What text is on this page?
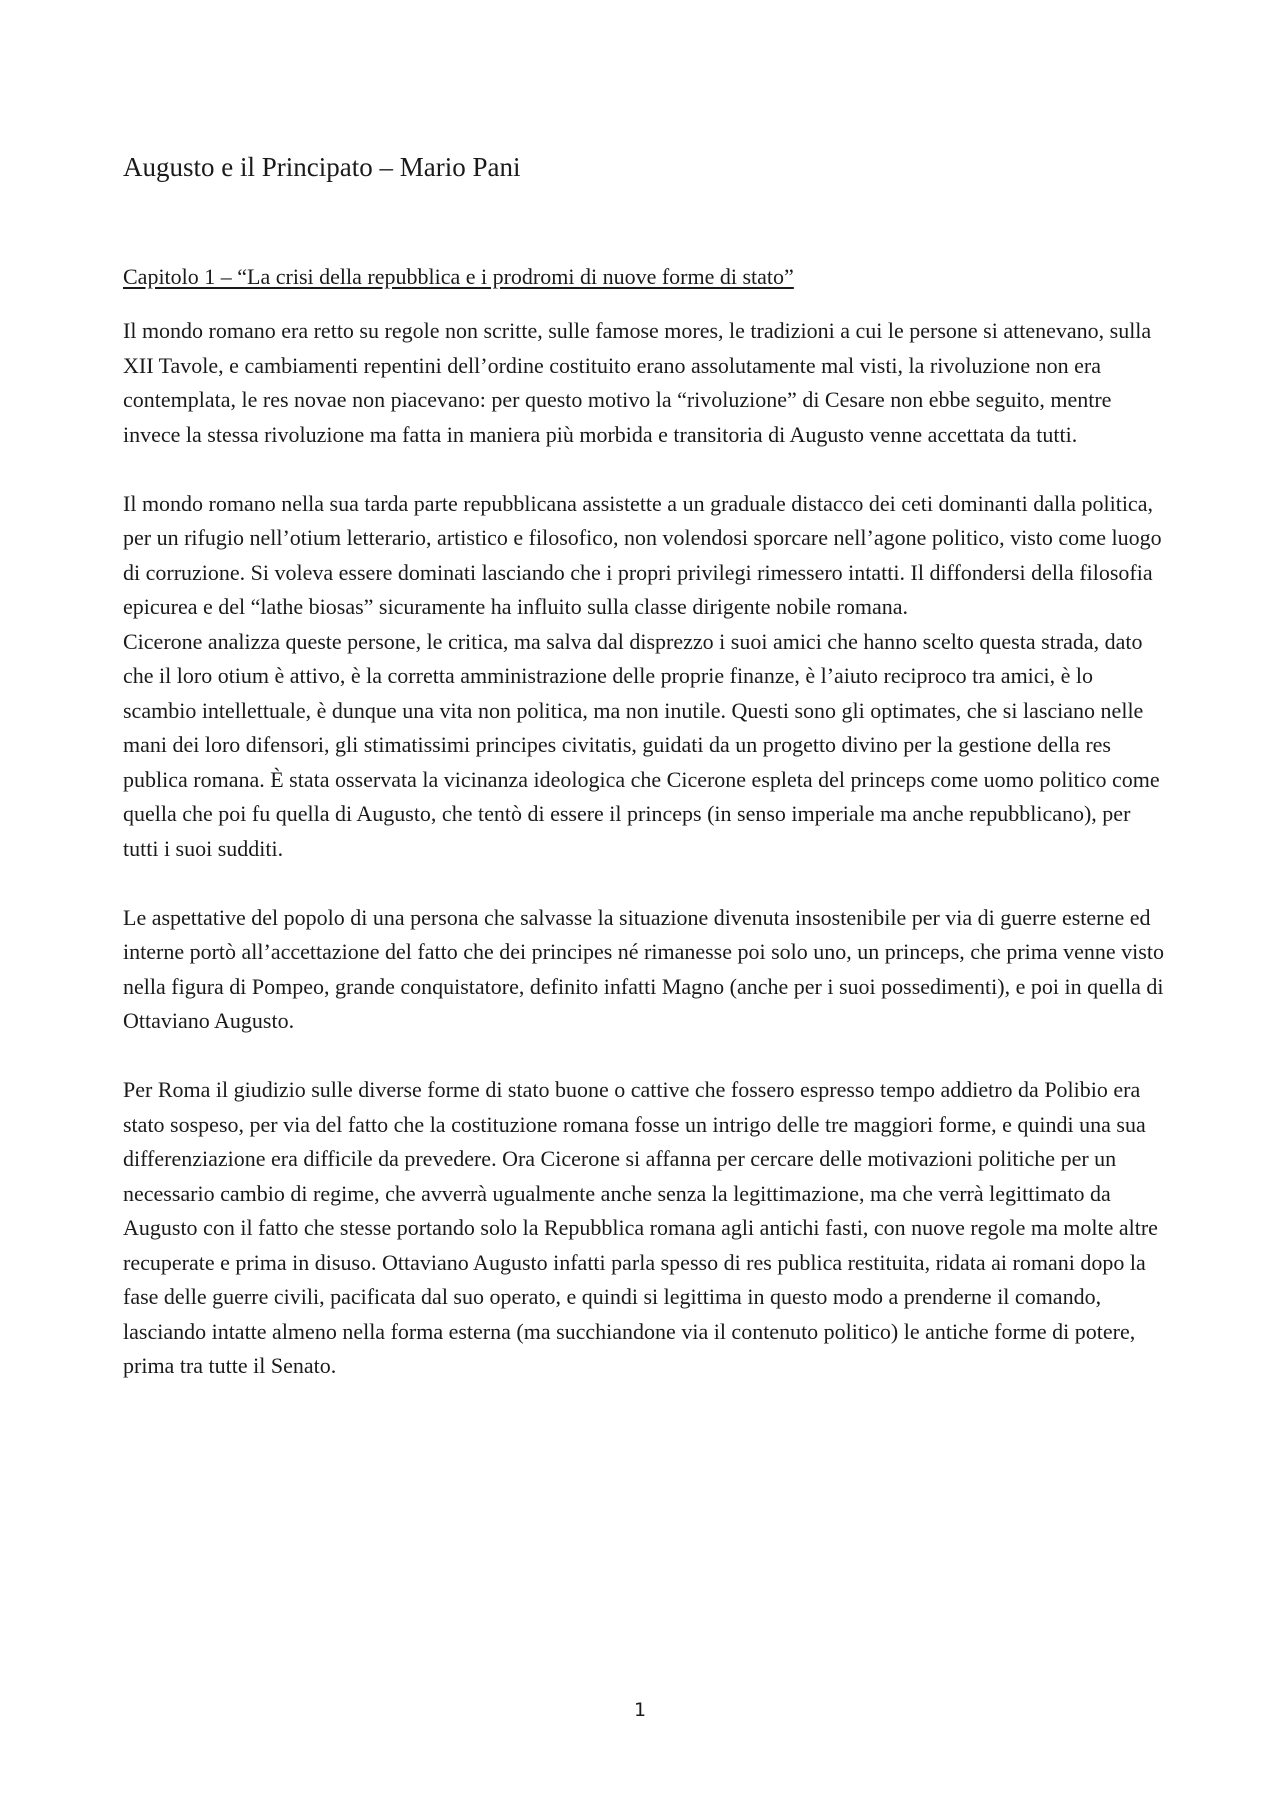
Augusto e il Principato – Mario Pani
Capitolo 1 – “La crisi della repubblica e i prodromi di nuove forme di stato”

Il mondo romano era retto su regole non scritte, sulle famose mores, le tradizioni a cui le persone si attenevano, sulla XII Tavole, e cambiamenti repentini dell’ordine costituito erano assolutamente mal visti, la rivoluzione non era contemplata, le res novae non piacevano: per questo motivo la “rivoluzione” di Cesare non ebbe seguito, mentre invece la stessa rivoluzione ma fatta in maniera più morbida e transitoria di Augusto venne accettata da tutti.

Il mondo romano nella sua tarda parte repubblicana assistette a un graduale distacco dei ceti dominanti dalla politica, per un rifugio nell’otium letterario, artistico e filosofico, non volendosi sporcare nell’agone politico, visto come luogo di corruzione. Si voleva essere dominati lasciando che i propri privilegi rimessero intatti. Il diffondersi della filosofia epicurea e del “lathe biosas” sicuramente ha influito sulla classe dirigente nobile romana.

Cicerone analizza queste persone, le critica, ma salva dal disprezzo i suoi amici che hanno scelto questa strada, dato che il loro otium è attivo, è la corretta amministrazione delle proprie finanze, è l’aiuto reciproco tra amici, è lo scambio intellettuale, è dunque una vita non politica, ma non inutile. Questi sono gli optimates, che si lasciano nelle mani dei loro difensori, gli stimatissimi principes civitatis, guidati da un progetto divino per la gestione della res publica romana. È stata osservata la vicinanza ideologica che Cicerone espleta del princeps come uomo politico come quella che poi fu quella di Augusto, che tentò di essere il princeps (in senso imperiale ma anche repubblicano), per tutti i suoi sudditi.

Le aspettative del popolo di una persona che salvasse la situazione divenuta insostenibile per via di guerre esterne ed interne portò all’accettazione del fatto che dei principes né rimanesse poi solo uno, un princeps, che prima venne visto nella figura di Pompeo, grande conquistatore, definito infatti Magno (anche per i suoi possedimenti), e poi in quella di Ottaviano Augusto.

Per Roma il giudizio sulle diverse forme di stato buone o cattive che fossero espresso tempo addietro da Polibio era stato sospeso, per via del fatto che la costituzione romana fosse un intrigo delle tre maggiori forme, e quindi una sua differenziazione era difficile da prevedere. Ora Cicerone si affanna per cercare delle motivazioni politiche per un necessario cambio di regime, che avverrà ugualmente anche senza la legittimazione, ma che verrà legittimato da Augusto con il fatto che stesse portando solo la Repubblica romana agli antichi fasti, con nuove regole ma molte altre recuperate e prima in disuso. Ottaviano Augusto infatti parla spesso di res publica restituita, ridata ai romani dopo la fase delle guerre civili, pacificata dal suo operato, e quindi si legittima in questo modo a prenderne il comando, lasciando intatte almeno nella forma esterna (ma succhiandone via il contenuto politico) le antiche forme di potere, prima tra tutte il Senato.

1
